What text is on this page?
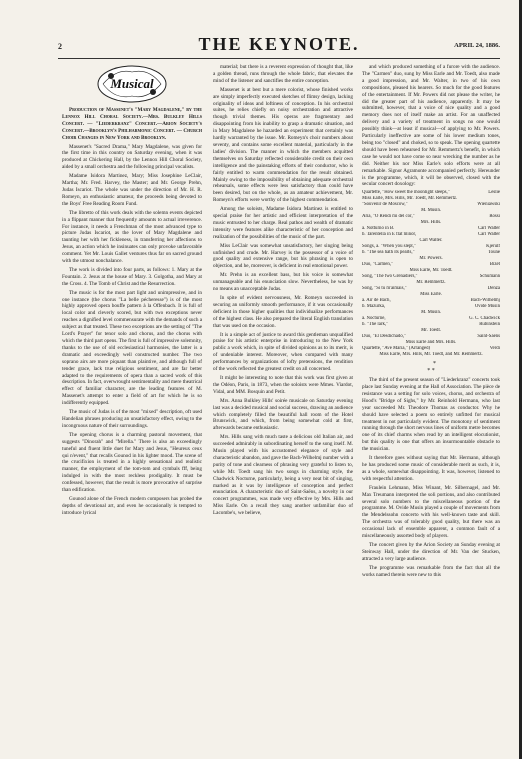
2	THE KEYNOTE.	APRIL 24, 1886.
Musical

Production of Massenet's "Mary Magdalene," by the Lennox Hill Choral Society.—Mrs. Bulkley Hills Concert. — "Liederkranz" Concert.—Arion Society's Concert.—Brooklyn's Philharmonic Concert. — Church Choir Changes in New York and Brooklyn.

Massenet's "Sacred Drama," Mary Magdalene, was given for the first time in this country on Saturday evening, when it was produced at Chickering Hall, by the Lennox Hill Choral Society, aided by a small orchestra and the following principal vocalists.

Madame Isidora Martinez, Mary; Miss Josephine LeClair, Martha; Mr. Fred. Harvey, the Master; and Mr. George Prehn, Judas Iscariot. The whole was under the direction of Mr. H. R. Romeyn, an enthusiastic amateur, the proceeds being devoted to the Boys' Free Reading Room Fund.

The libretto of this work deals with the solemn events depicted in a flippant manner that frequently amounts to actual irreverence. For instance, it needs a Frenchman of the most advanced type to picture Judas Iscariot, as the lover of Mary Magdalene and taunting her with her fickleness, in transferring her affections to Jesus, an action which he insinuates can only provoke unfavorable comment. Yet Mr. Louis Gallet ventures thus far on sacred ground with the utmost nonchalance.

The work is divided into four parts, as follows: 1. Mary at the Fountain. 2. Jesus at the house of Mary. 3. Golgotha, and Mary at the Cross. 4. The Tomb of Christ and the Resurrection.

The music is for the most part light and unimpressive, and in one instance (the chorus "La belle pécheresse") is of the most highly approved opera bouffe pattern à la Offenbach. It is full of local color and cleverly scored, but with two exceptions never reaches a dignified level commensurate with the demands of such a subject as that treated. These two exceptions are the setting of "The Lord's Prayer" for tenor solo and chorus, and the chorus with which the third part opens. The first is full of impressive solemnity, thanks to the use of old ecclesiastical harmonies, the latter is a dramatic and exceedingly well constructed number. The two soprano airs are more piquant than plaintive, and although full of tender grace, lack true religious sentiment, and are far better adapted to the requirements of opera than a sacred work of this description. In fact, overwrought sentimentality and mere theatrical effect of familiar character, are the leading features of M. Massenet's attempt to enter a field of art for which he is so indifferently equipped.

The music of Judas is of the most "mixed" description, oft used Handelian phrases producing an unsatisfactory effect, owing to the incongruous nature of their surroundings.

The opening chorus is a charming pastoral movement, that suggests "Dinorah" and "Mirella." There is also an exceedingly tuneful and fluent little duet for Mary and Jesus, "Heureux ceux qui n'event," that recalls Gounod in his lighter mood. The scene of the crucifixion is treated in a highly sensational and realistic manner, the employment of the tom-tom and cymbals fff, being indulged in with the most reckless prodigality. It must be confessed, however, that the result is more provocative of surprise than edification.

Gounod alone of the French modern composers has probed the depths of devotional art, and even he occasionally is tempted to introduce lyrical

material; but there is a reverent expression of thought that, like a golden thread, runs through the whole fabric, that elevates the mind of the listener and sanctifies the entire conception.

Massenet is at best but a mere colorist, whose finished works are simply imperfectly executed sketches of flimsy design, lacking originality of ideas and loftiness of conception. In his orchestral suites, he relies chiefly on noisy orchestration and attractive though trivial themes. His operas are fragmentary and disappointing from his inability to grasp a dramatic situation, and in Mary Magdalene he hazarded an experiment that certainly was hardly warranted by the issue. Mr. Romeyn's choir numbers about seventy, and contains some excellent material, particularly in the ladies' division. The manner in which the members acquitted themselves on Saturday reflected considerable credit on their own intelligence and the painstaking efforts of their conductor, who is fairly entitled to warm commendation for the result obtained. Mainly owing to the impossibility of obtaining adequate orchestral rehearsals, some effects were less satisfactory than could have been desired, but on the whole, as an amateur achievement, Mr. Romeyn's efforts were worthy of the highest commendation.

Among the soloists, Madame Isidora Martinez is entitled to special praise for her artistic and efficient interpretation of the music entrusted to her charge. Real pathos and wealth of dramatic intensity were features alike characteristic of her conception and realization of the possibilities of the music of the part.

Miss LeClair was somewhat unsatisfactory, her singing being unfinished and crude. Mr. Harvey is the possessor of a voice of good quality and extensive range, but his phrasing is open to objection, and he, moreover, is deficient in real emotional power.

Mr. Prehn is an excellent bass, but his voice is somewhat unmanageable and his enunciation slow. Nevertheless, he was by no means an unacceptable Judas.

In spite of evident nervousness, Mr. Romeyn succeeded in securing an uniformly smooth performance, if it was occasionally deficient in those higher qualities that individualize performances of the highest class. He also prepared the literal English translation that was used on the occasion.

It is a simple act of justice to award this gentleman unqualified praise for his artistic enterprise in introducing to the New York public a work which, in spite of divided opinions as to its merit, is of undeniable interest. Moreover, when compared with many performances by organizations of lofty pretensions, the rendition of the work reflected the greatest credit on all concerned.

It might be interesting to note that this work was first given at the Odéon, Paris, in 1873, when the soloists were Mmes. Viardot, Vidal, and MM. Bosquin and Petit.

Mrs. Anna Bulkley Hills' soirée musicale on Saturday evening last was a decided musical and social success, drawing an audience which completely filled the beautiful hall room of the Hotel Brunswick, and which, from being somewhat cold at first, afterwards became enthusiastic.

Mrs. Hills sang with much taste a delicious old Italian air, and succeeded admirably in subordinating herself to the song itself. M. Musin played with his accustomed elegance of style and characteristic abandon, and gave the Bach-Wilhelmj number with a purity of tone and clearness of phrasing very grateful to listen to, while Mr. Toedt sang his two songs in charming style, the Chadwick Nocturne, particularly, being a very neat bit of singing, marked as it was by intelligence of conception and perfect enunciation. A characteristic duo of Saint-Saëns, a novelty in our concert programmes, was made very effective by Mrs. Hills and Miss Earle. On a recall they sang another unfamiliar duo of Lacombe's, we believe,

and which produced something of a furore with the audience. The "Carmen" duo, sung by Miss Earle and Mr. Toedt, also made a good impression, and Mr. Walter, in two of his own compositions, pleased his hearers. So much for the good features of the entertainment. If Mr. Powers did not please the writer, he did the greater part of his audience, apparently. It may be submitted, however, that a voice of nice quality and a good memory does not of itself make an artist. For an unaffected delivery and a variety of treatment in songs no one would possibly think—at least if musical—of applying to Mr. Powers. Particularly ineffective are some of his lower medium tones, being too "closed" and choked, so to speak. The opening quartette should have been rehearsed for Mr. Remmertz's benefit, in which case he would not have come so near wrecking the number as he did. Neither his nor Miss Earle's solo efforts were at all remarkable. Signor Agramonte accompanied perfectly. Hereunder is the programme, which, it will be observed, closed with the secular concert doxology:

Quartette, "How sweet the moonlight sleeps,"	Leslie
Miss Earle, Mrs. Hills, Mr. Toedt, Mr. Remmertz.
"Souvenir de Moscow,"	Wieniawski
M. Musin.
Aria, "O Rendi mi del cor,"	Rossi
Mrs. Hills.
a. Notturno in B.	Carl Walter
b. Tarentella in E flat minor,	Carl Walter
Carl Walter.
Songs, a. "When you slept,"	Kjerulf
b. "The sea hath its pearls,"	Toune
Mr. Powers.
Duo, "Carmen,"	Bizet
Miss Earle, Mr. Toedt.
Song, "The two Grenadiers,"	Schumann
Mr. Remmertz.
Song, "Si tu m'aimais,"	Denza
Miss Earle.
a. Air de Bach,	Bach-Wilhelmj
b. Mazurka,	Ovide Musin
M. Musin.
a. Nocturne,	G. C. Chadwick
b. "The lark,"	Rubinstein
Mr. Toedt.
Duo, "El Desdichado,"	Saint-Saens
Miss Earle and Mrs. Hills.
Quartette, "Ave Maria," (Arranged)	Verdi
Miss Earle, Mrs. Hills, Mr. Toedt, and Mr. Remmertz.

*
* *

The third of the present season of "Liederkranz" concerts took place last Sunday evening at the Hall of Association. The pièce de resistance was a setting for solo voices, chorus, and orchestra of Hood's "Bridge of Sighs," by Mr. Reinhold Hermann, who last year succeeded Mr. Theodore Thomas as conductor. Why he should have selected a poem so entirely unfitted for musical treatment in not particularly evident. The monotony of sentiment running through the short nervous lines of uniform metre becomes one of its chief charms when read by an intelligent elocutionist, but this quality is one that offers an insurmountable obstacle to the musician.

It therefore goes without saying that Mr. Hermann, although he has produced some music of considerable merit as such, it is, as a whole, somewhat disappointing. It was, however, listened to with respectful attention.

Fraulein Lehmann, Miss Winant, Mr. Silbernagel, and Mr. Max Treumann interpreted the soli portions, and also contributed several solo numbers to the miscellaneous portion of the programme. M. Ovide Musin played a couple of movements from the Mendelssohn concerto with his well-known taste and skill. The orchestra was of tolerably good quality, but there was an occasional lack of ensemble apparent, a common fault of a miscellaneously assorted body of players.

The concert given by the Arion Society an Sunday evening at Steinway Hall, under the direction of Mr. Van der Stucken, attracted a very large audience.

The programme was remarkable from the fact that all the works named therein were new to this
